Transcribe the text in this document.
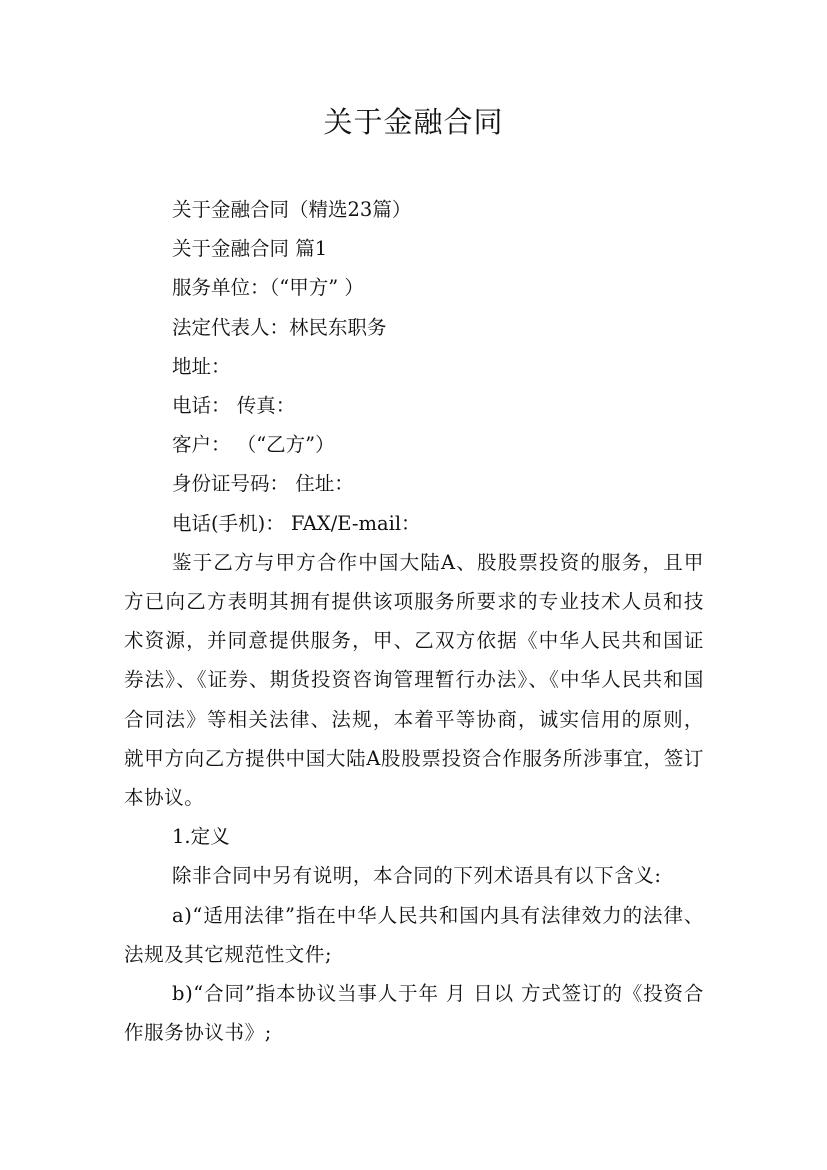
关于金融合同

关于金融合同（精选23篇）

关于金融合同 篇1

服务单位：（“甲方” ）

法定代表人：林民东职务

地址：

电话： 传真：

客户： （“乙方”）

身份证号码： 住址：

电话(手机)： FAX/E-mail：

鉴于乙方与甲方合作中国大陆A、股股票投资的服务，且甲方已向乙方表明其拥有提供该项服务所要求的专业技术人员和技术资源，并同意提供服务，甲、乙双方依据《中华人民共和国证券法》、《证券、期货投资咨询管理暂行办法》、《中华人民共和国合同法》等相关法律、法规，本着平等协商，诚实信用的原则，就甲方向乙方提供中国大陆A股股票投资合作服务所涉事宜，签订本协议。

1.定义

除非合同中另有说明，本合同的下列术语具有以下含义:

a)“适用法律”指在中华人民共和国内具有法律效力的法律、法规及其它规范性文件;

b)“合同”指本协议当事人于年 月 日以 方式签订的《投资合作服务协议书》;
